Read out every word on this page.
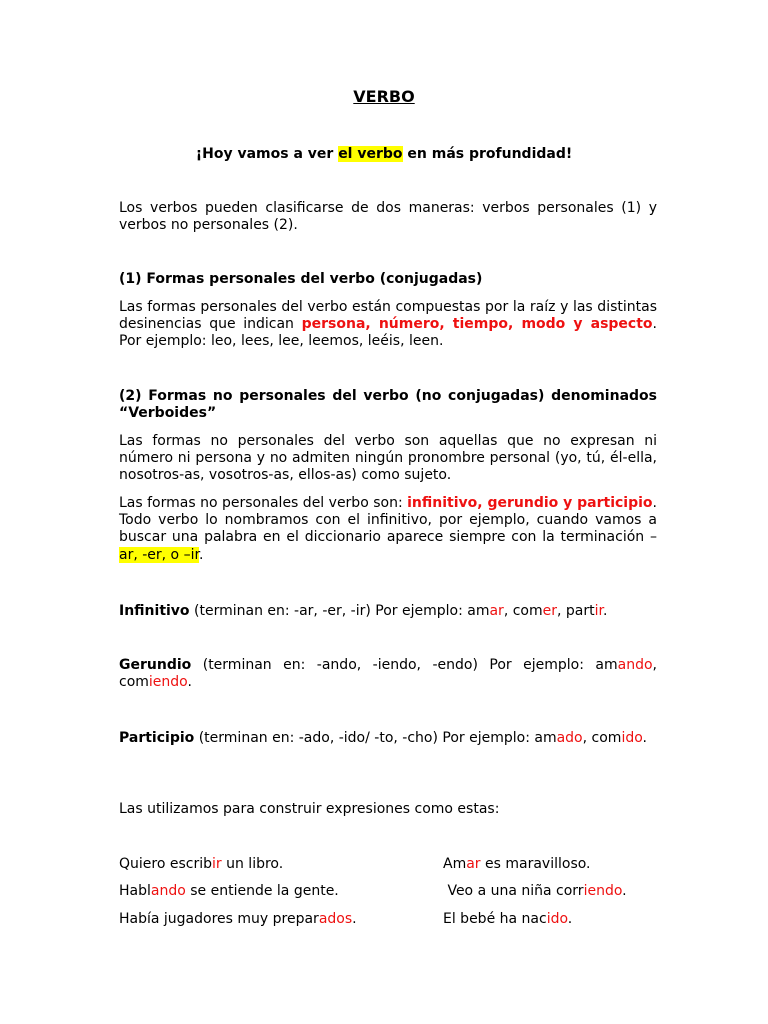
VERBO
¡Hoy vamos a ver el verbo en más profundidad!

Los verbos pueden clasificarse de dos maneras: verbos personales (1) y verbos no personales (2).

(1) Formas personales del verbo (conjugadas)

Las formas personales del verbo están compuestas por la raíz y las distintas desinencias que indican persona, número, tiempo, modo y aspecto. Por ejemplo: leo, lees, lee, leemos, leéis, leen.

(2) Formas no personales del verbo (no conjugadas) denominados “Verboides”

Las formas no personales del verbo son aquellas que no expresan ni número ni persona y no admiten ningún pronombre personal (yo, tú, él-ella, nosotros-as, vosotros-as, ellos-as) como sujeto.

Las formas no personales del verbo son: infinitivo, gerundio y participio. Todo verbo lo nombramos con el infinitivo, por ejemplo, cuando vamos a buscar una palabra en el diccionario aparece siempre con la terminación –ar, -er, o –ir.

Infinitivo (terminan en: -ar, -er, -ir) Por ejemplo: amar, comer, partir.

Gerundio (terminan en: -ando, -iendo, -endo) Por ejemplo: amando, comiendo.

Participio (terminan en: -ado, -ido/ -to, -cho) Por ejemplo: amado, comido.

Las utilizamos para construir expresiones como estas:

Quiero escribir un libro.
Hablando se entiende la gente.
Había jugadores muy preparados.
Amar es maravilloso.
Veo a una niña corriendo.
El bebé ha nacido.
